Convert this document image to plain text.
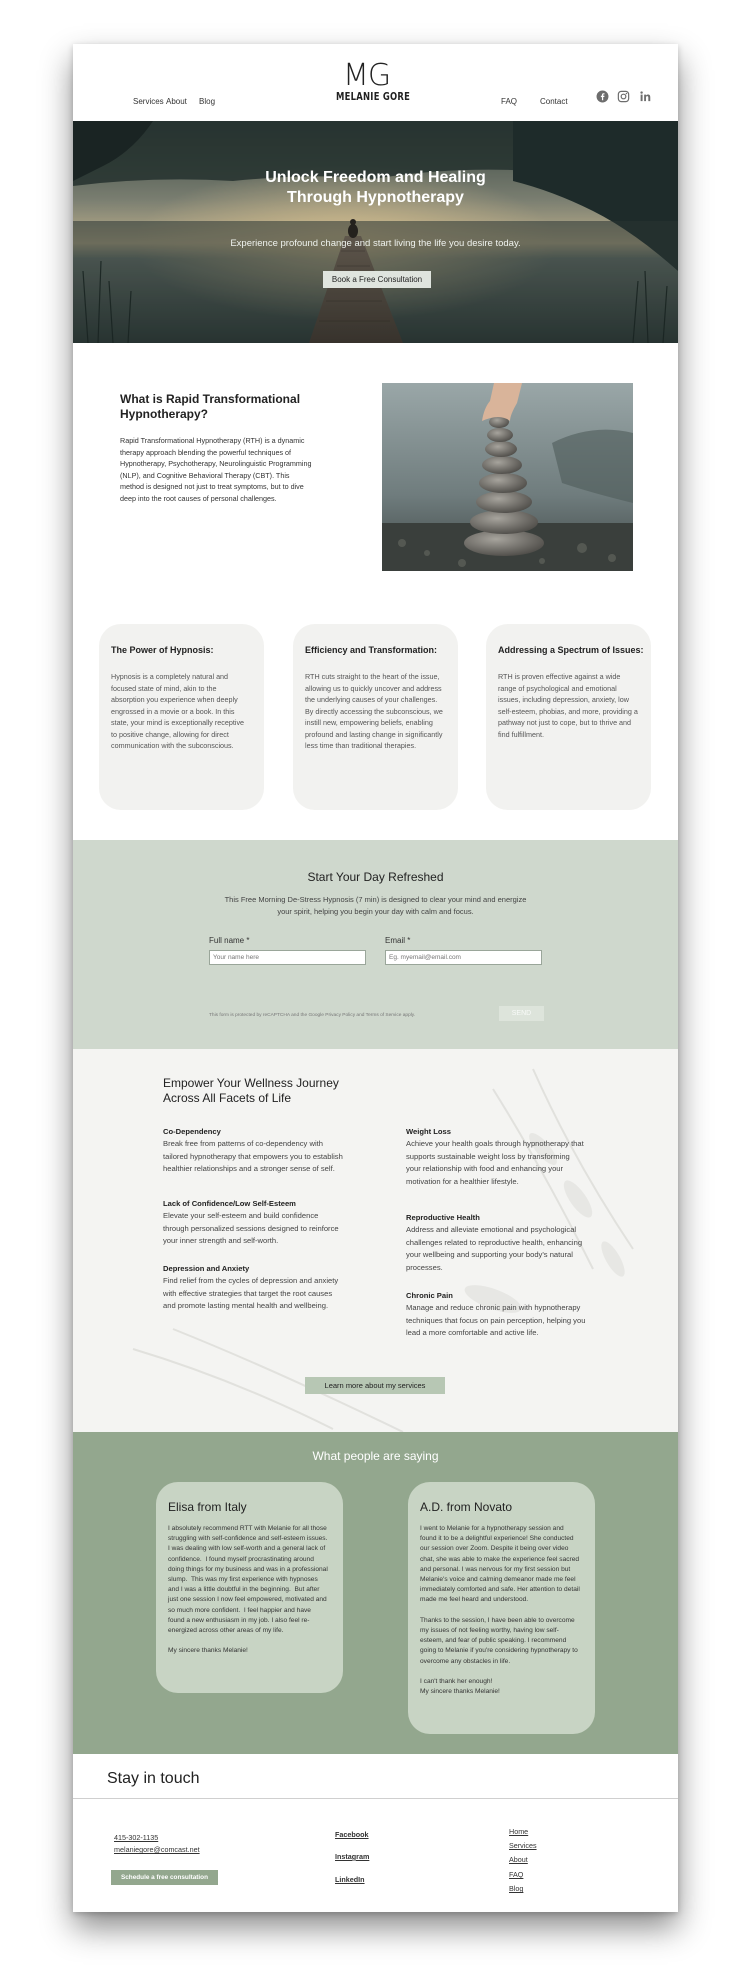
Services About Blog
MG
MELANIE GORE	FAQ	Contact
Unlock Freedom and Healing
Through Hypnotherapy
Experience profound change and start living the life you desire today.
Book a Free Consultation
What is Rapid Transformational Hypnotherapy?
Rapid Transformational Hypnotherapy (RTH) is a dynamic therapy approach blending the powerful techniques of Hypnotherapy, Psychotherapy, Neurolinguistic Programming (NLP), and Cognitive Behavioral Therapy (CBT). This method is designed not just to treat symptoms, but to dive deep into the root causes of personal challenges.
The Power of Hypnosis:

Hypnosis is a completely natural and focused state of mind, akin to the absorption you experience when deeply engrossed in a movie or a book. In this state, your mind is exceptionally receptive to positive change, allowing for direct communication with the subconscious.

Efficiency and Transformation:

RTH cuts straight to the heart of the issue, allowing us to quickly uncover and address the underlying causes of your challenges. By directly accessing the subconscious, we instill new, empowering beliefs, enabling profound and lasting change in significantly less time than traditional therapies.

Addressing a Spectrum of Issues:

RTH is proven effective against a wide range of psychological and emotional issues, including depression, anxiety, low self-esteem, phobias, and more, providing a pathway not just to cope, but to thrive and find fulfillment.

Start Your Day Refreshed
This Free Morning De-Stress Hypnosis (7 min) is designed to clear your mind and energize your spirit, helping you begin your day with calm and focus.
Full name *
Your name here	Email *
Eg. myemail@email.com
This form is protected by reCAPTCHA and the Google Privacy Policy and Terms of Service apply.	SEND
Empower Your Wellness Journey
Across All Facets of Life
Co-Dependency

Break free from patterns of co-dependency with tailored hypnotherapy that empowers you to establish healthier relationships and a stronger sense of self.

Lack of Confidence/Low Self-Esteem

Elevate your self-esteem and build confidence through personalized sessions designed to reinforce your inner strength and self-worth.

Depression and Anxiety

Find relief from the cycles of depression and anxiety with effective strategies that target the root causes and promote lasting mental health and wellbeing.

Weight Loss

Achieve your health goals through hypnotherapy that supports sustainable weight loss by transforming your relationship with food and enhancing your motivation for a healthier lifestyle.

Reproductive Health

Address and alleviate emotional and psychological challenges related to reproductive health, enhancing your wellbeing and supporting your body's natural processes.

Chronic Pain

Manage and reduce chronic pain with hypnotherapy techniques that focus on pain perception, helping you lead a more comfortable and active life.

Learn more about my services
What people are saying
Elisa from Italy
I absolutely recommend RTT with Melanie for all those struggling with self-confidence and self-esteem issues. I was dealing with low self-worth and a general lack of confidence.  I found myself procrastinating around doing things for my business and was in a professional slump.  This was my first experience with hypnoses and I was a little doubtful in the beginning.  But after just one session I now feel empowered, motivated and so much more confident.  I feel happier and have found a new enthusiasm in my job. I also feel re-energized across other areas of my life.

My sincere thanks Melanie!
A.D. from Novato
I went to Melanie for a hypnotherapy session and found it to be a delightful experience! She conducted our session over Zoom. Despite it being over video chat, she was able to make the experience feel sacred and personal. I was nervous for my first session but Melanie's voice and calming demeanor made me feel immediately comforted and safe. Her attention to detail made me feel heard and understood.

Thanks to the session, I have been able to overcome my issues of not feeling worthy, having low self-esteem, and fear of public speaking. I recommend going to Melanie if you're considering hypnotherapy to overcome any obstacles in life.

I can't thank her enough!
My sincere thanks Melanie!
Stay in touch
415-302-1135
melaniegore@comcast.net
Schedule a free consultation
Facebook
Instagram
LinkedIn
Home
Services
About
FAQ
Blog
